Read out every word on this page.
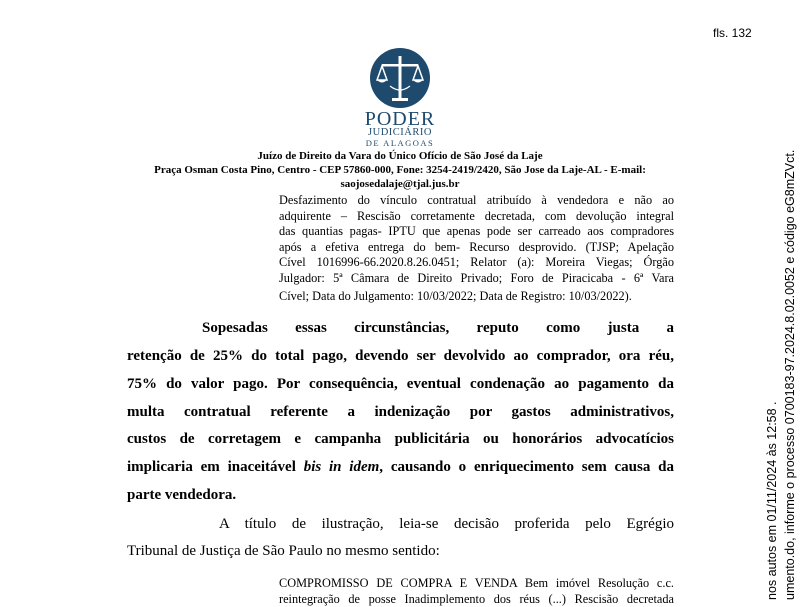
fls. 132
PODER
JUDICIÁRIO
DE ALAGOAS
Juízo de Direito da Vara do Único Ofício de São José da Laje
Praça Osman Costa Pino, Centro - CEP 57860-000, Fone: 3254-2419/2420, São Jose da Laje-AL - E-mail:
saojosedalaje@tjal.jus.br
Desfazimento do vínculo contratual atribuído à vendedora e não ao
adquirente – Rescisão corretamente decretada, com devolução integral
das quantias pagas- IPTU que apenas pode ser carreado aos compradores
após a efetiva entrega do bem- Recurso desprovido. (TJSP; Apelação
Cível 1016996-66.2020.8.26.0451; Relator (a): Moreira Viegas; Órgão
Julgador: 5ª Câmara de Direito Privado; Foro de Piracicaba - 6ª Vara
Cível; Data do Julgamento: 10/03/2022; Data de Registro: 10/03/2022).
Sopesadas essas circunstâncias, reputo como justa a
retenção de 25% do total pago, devendo ser devolvido ao comprador, ora réu,
75% do valor pago. Por consequência, eventual condenação ao pagamento da
multa contratual referente a indenização por gastos administrativos,
custos de corretagem e campanha publicitária ou honorários advocatícios
implicaria em inaceitável bis in idem, causando o enriquecimento sem causa da
parte vendedora.
A título de ilustração, leia-se decisão proferida pelo Egrégio
Tribunal de Justiça de São Paulo no mesmo sentido:
COMPROMISSO DE COMPRA E VENDA Bem imóvel Resolução c.c.
reintegração de posse Inadimplemento dos réus (...) Rescisão decretada	nos autos em 01/11/2024 às 12:58 . umento.do, informe o processo 0700183-97.2024.8.02.0052 e código eG8mZVct.
